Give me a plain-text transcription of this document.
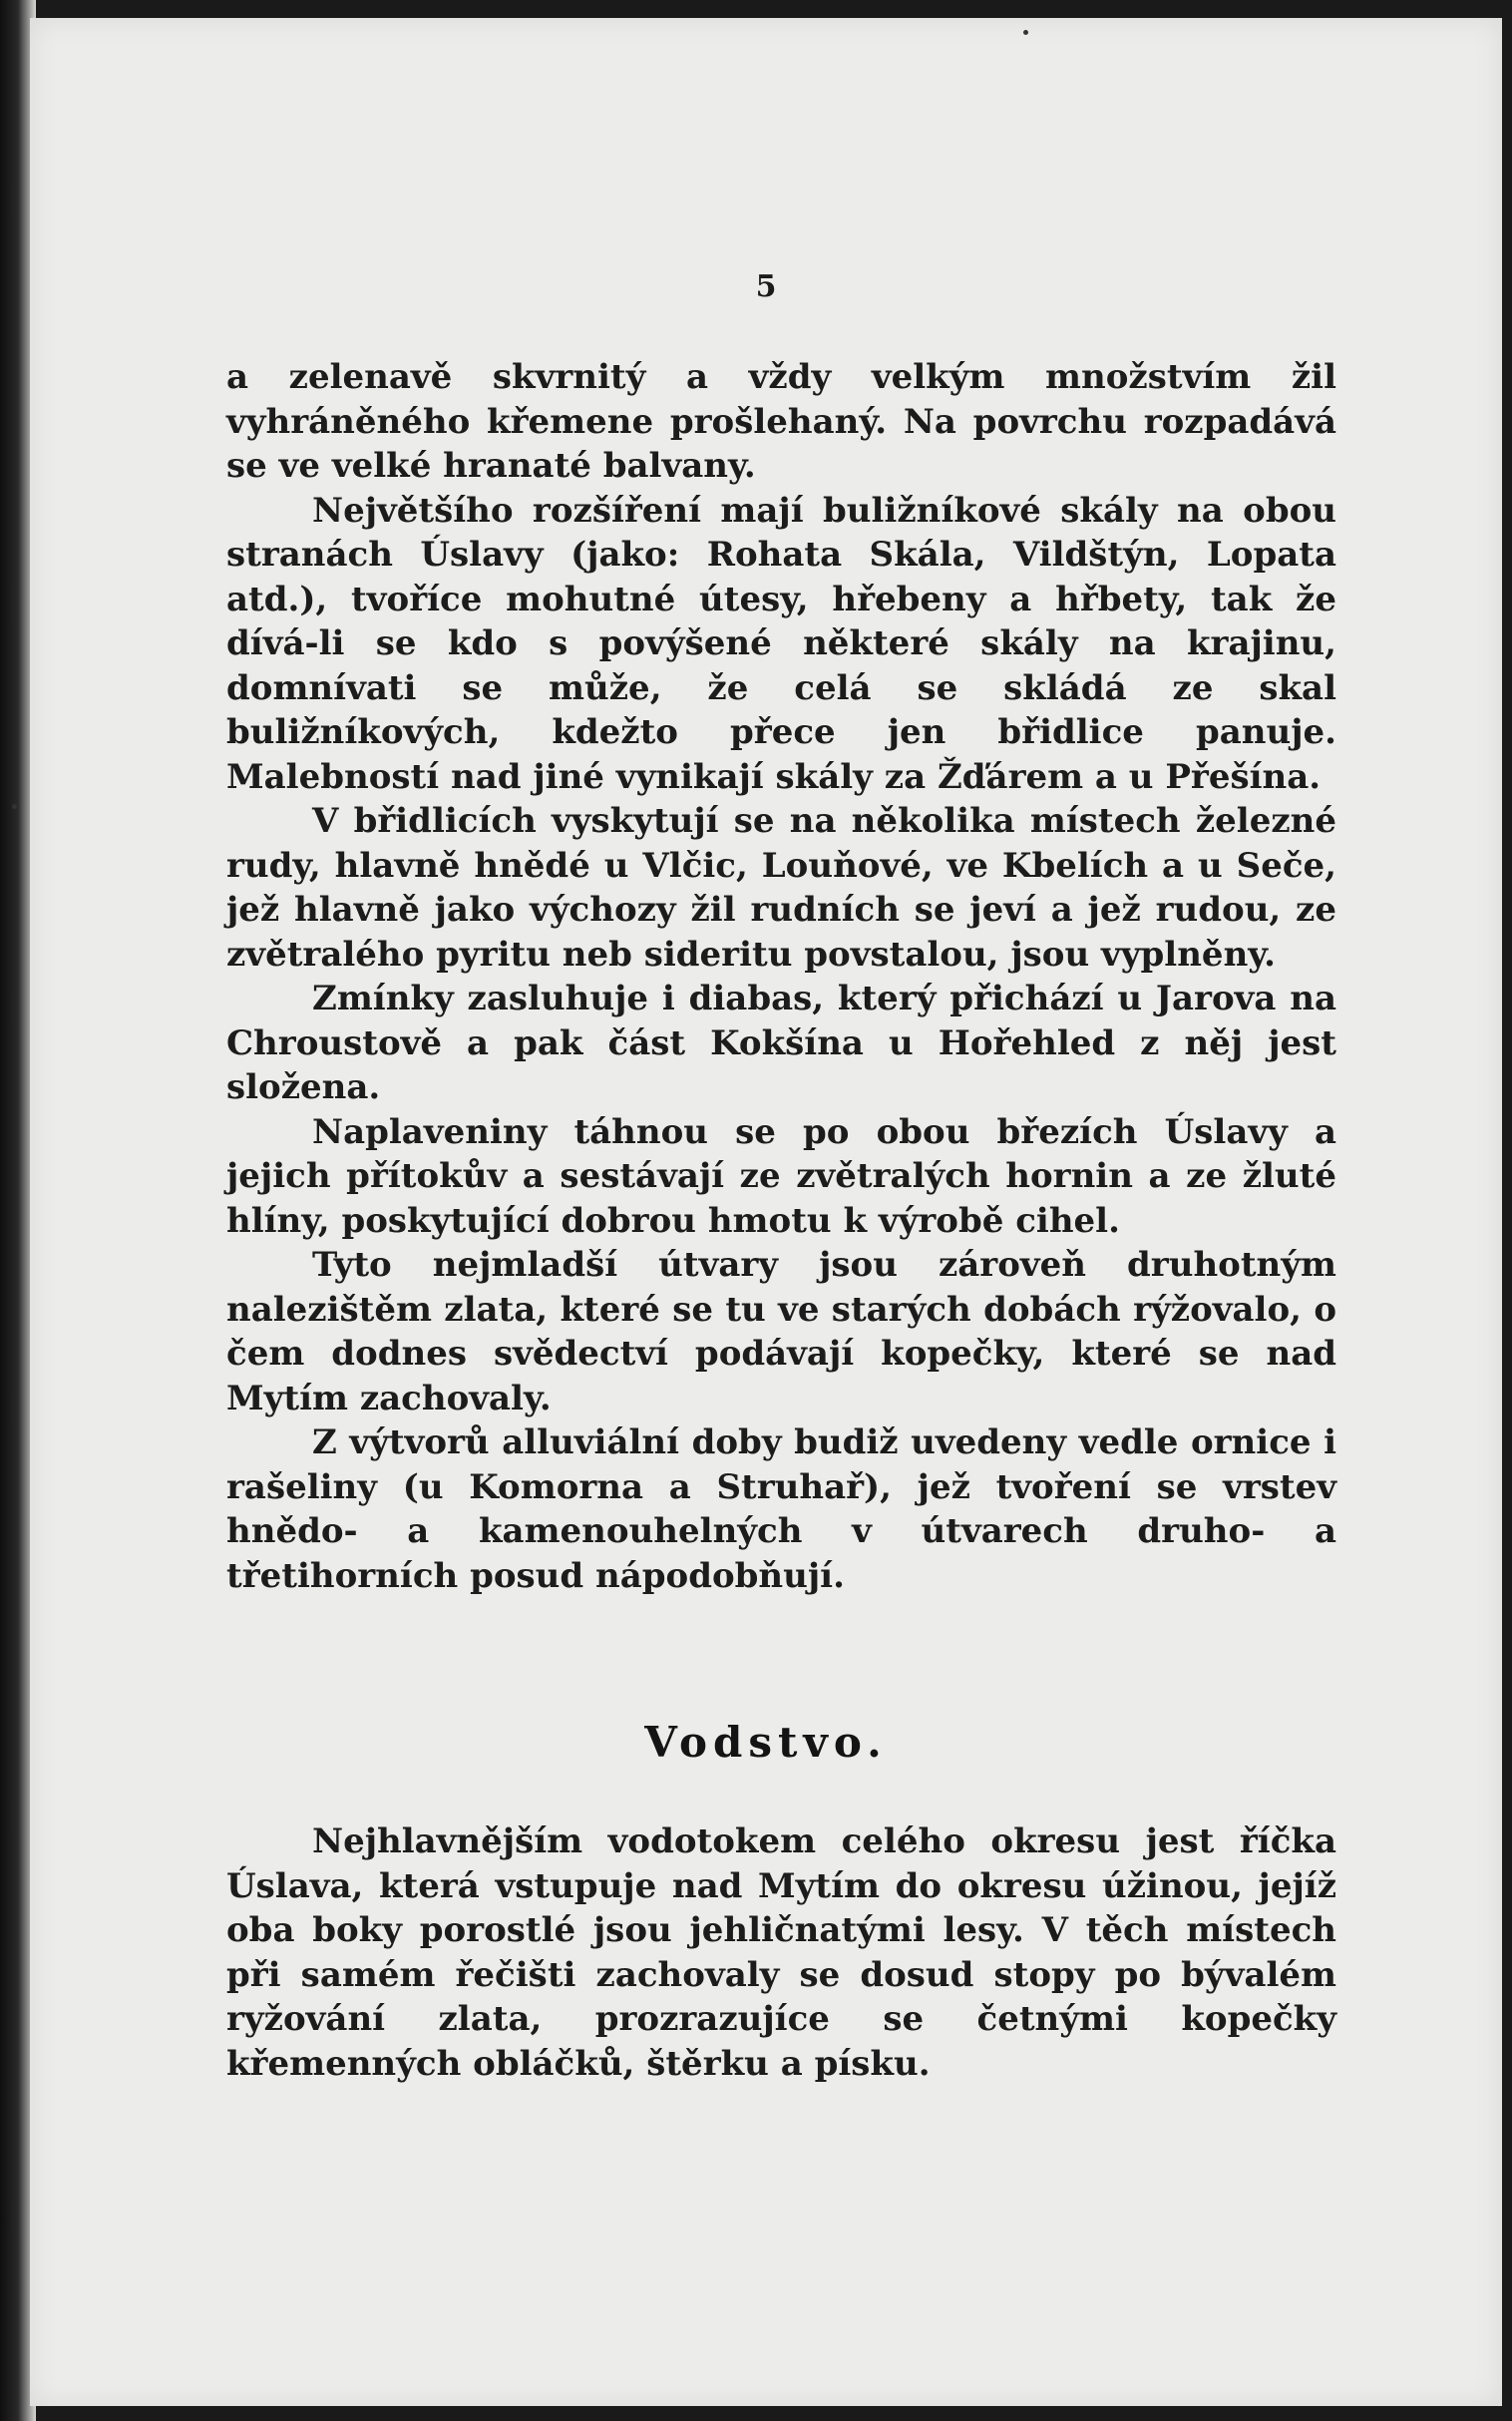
5

a zelenavě skvrnitý a vždy velkým množstvím žil vyhráněného křemene prošlehaný. Na povrchu rozpadává se ve velké hranaté balvany.

Největšího rozšíření mají buližníkové skály na obou stranách Úslavy (jako: Rohata Skála, Vildštýn, Lopata atd.), tvoříce mohutné útesy, hřebeny a hřbety, tak že dívá-li se kdo s povýšené některé skály na krajinu, domnívati se může, že celá se skládá ze skal buližníkových, kdežto přece jen břidlice panuje. Malebností nad jiné vynikají skály za Žďárem a u Přešína.

V břidlicích vyskytují se na několika místech železné rudy, hlavně hnědé u Vlčic, Louňové, ve Kbelích a u Seče, jež hlavně jako výchozy žil rudních se jeví a jež rudou, ze zvětralého pyritu neb sideritu povstalou, jsou vyplněny.

Zmínky zasluhuje i diabas, který přichází u Jarova na Chroustově a pak část Kokšína u Hořehled z něj jest složena.

Naplaveniny táhnou se po obou březích Úslavy a jejich přítokův a sestávají ze zvětralých hornin a ze žluté hlíny, poskytující dobrou hmotu k výrobě cihel.

Tyto nejmladší útvary jsou zároveň druhotným nalezištěm zlata, které se tu ve starých dobách rýžovalo, o čem dodnes svědectví podávají kopečky, které se nad Mytím zachovaly.

Z výtvorů alluviální doby budiž uvedeny vedle ornice i rašeliny (u Komorna a Struhař), jež tvoření se vrstev hnědo- a kamenouhelných v útvarech druho- a třetihorních posud nápodobňují.

Vodstvo.

Nejhlavnějším vodotokem celého okresu jest říčka Úslava, která vstupuje nad Mytím do okresu úžinou, jejíž oba boky porostlé jsou jehličnatými lesy. V těch místech při samém řečišti zachovaly se dosud stopy po bývalém ryžování zlata, prozrazujíce se četnými kopečky křemenných obláčků, štěrku a písku.
